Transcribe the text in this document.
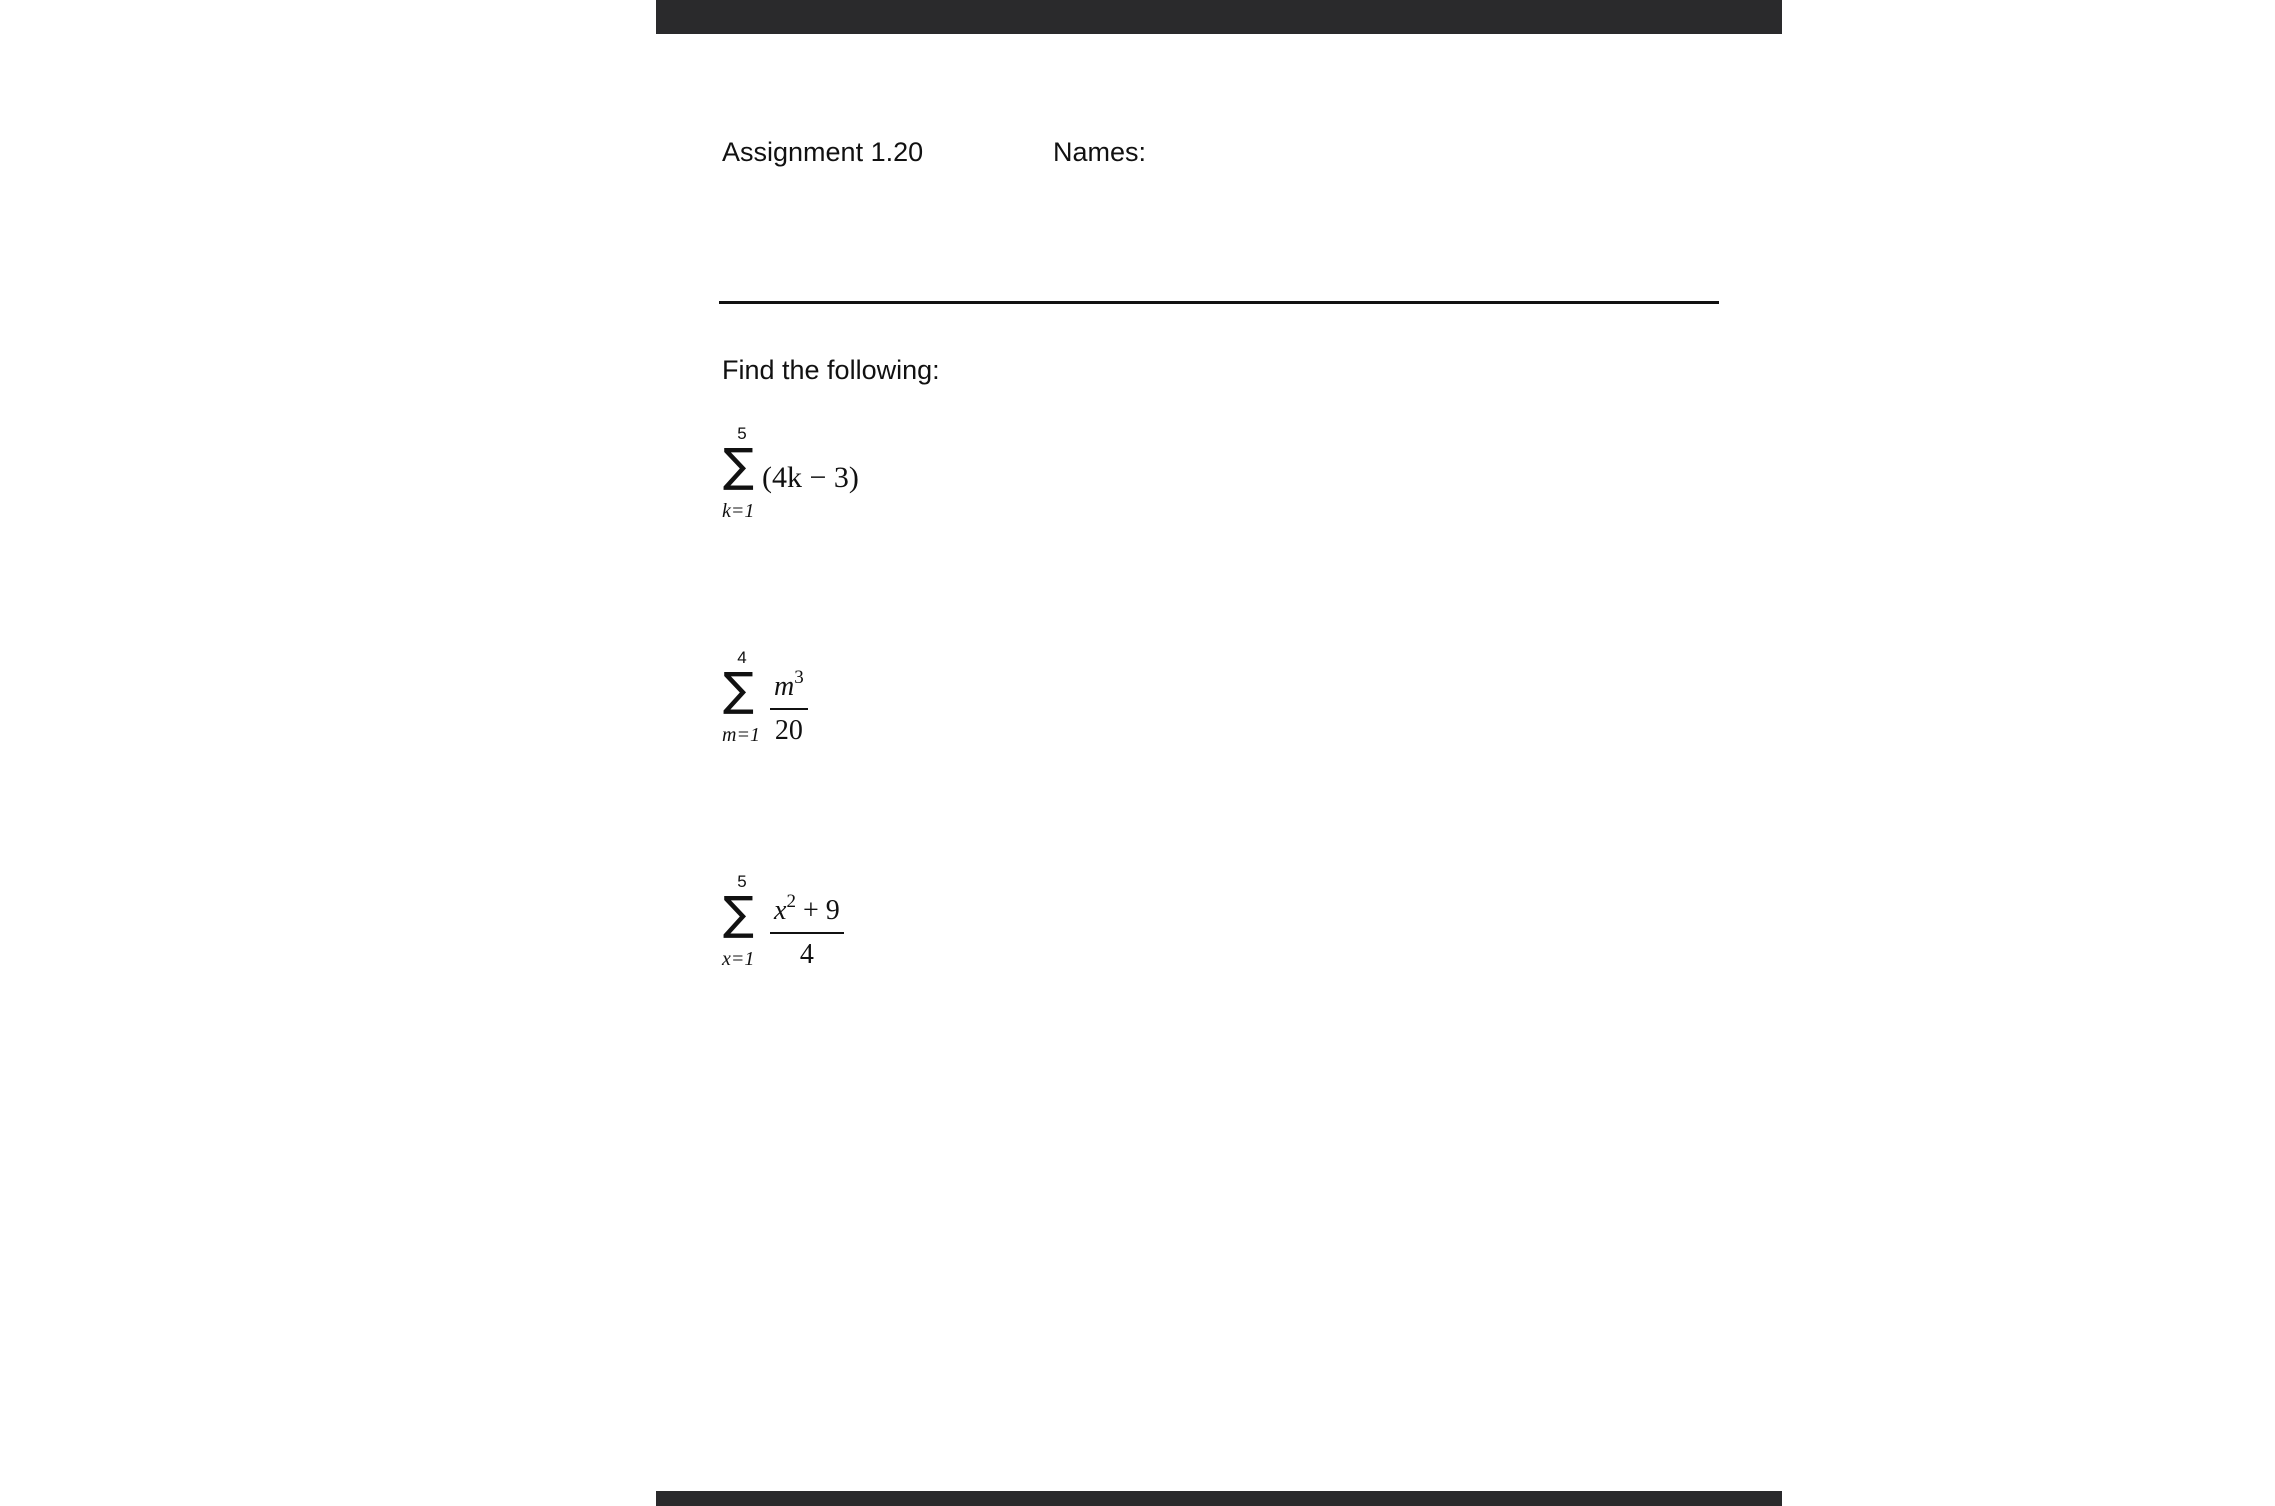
Assignment 1.20	Names:
Find the following:
5
∑
k=1
(4k − 3)
4
∑
$m=1 \frac{m^3}{20}$
5
∑
$x=1 \frac{x^2 + 9}{4}$
